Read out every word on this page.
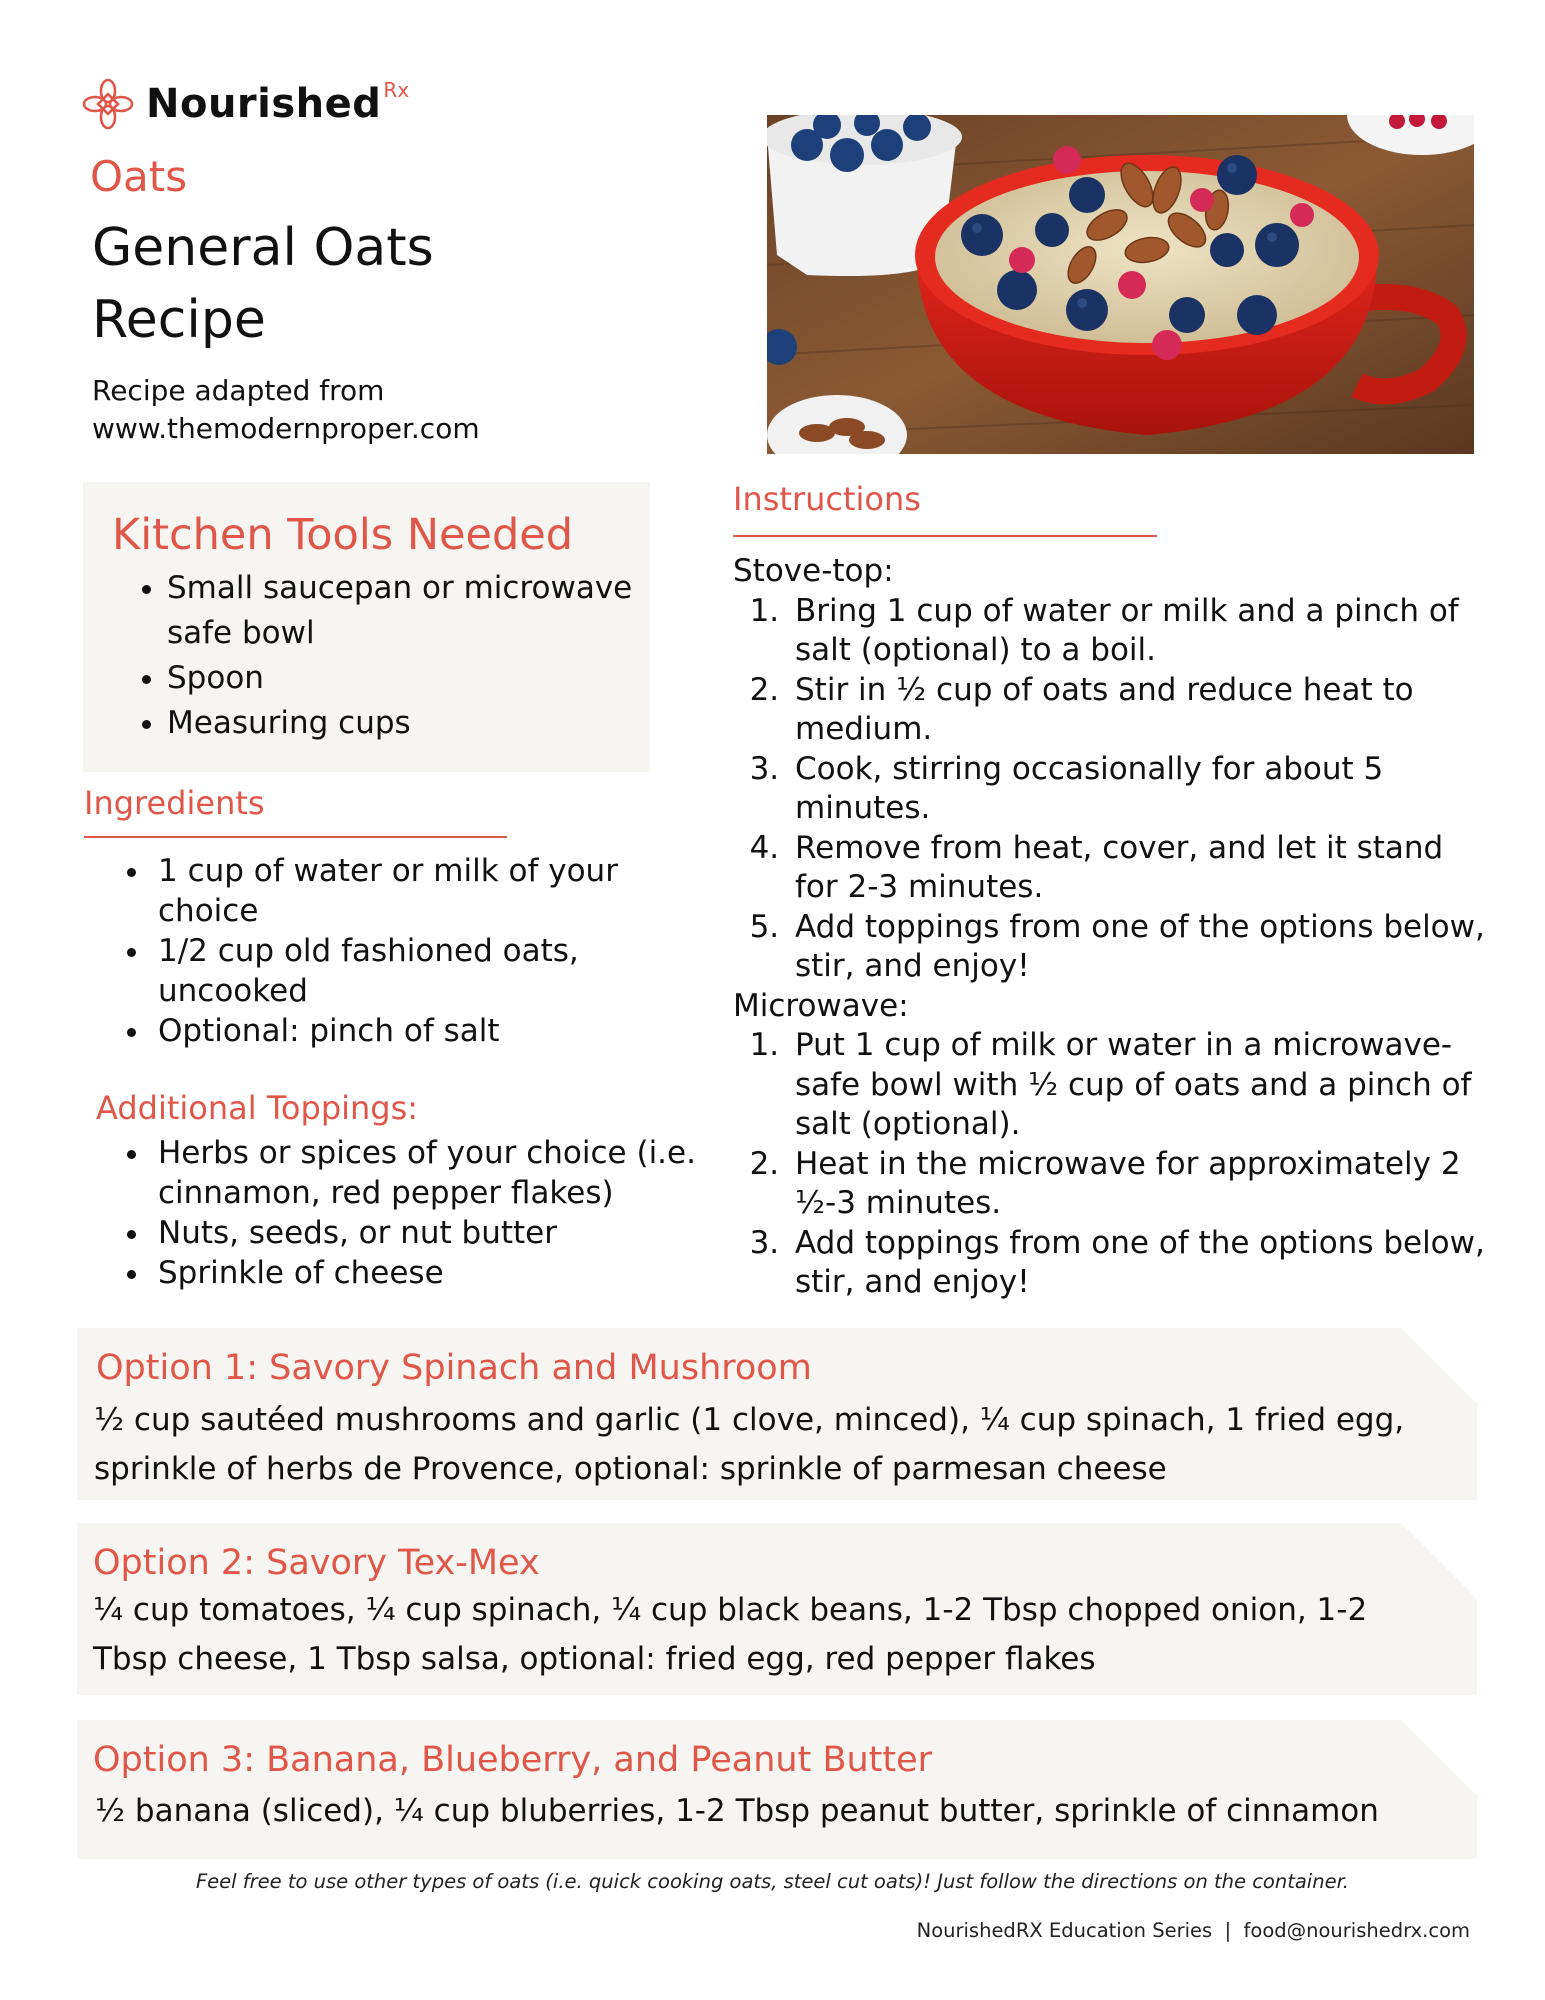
Nourished Rx
Oats
General Oats
Recipe
Recipe adapted from
www.themodernproper.com
Kitchen Tools Needed
• Small saucepan or microwave safe bowl
• Spoon
• Measuring cups
Ingredients
• 1 cup of water or milk of your choice
• 1/2 cup old fashioned oats, uncooked
• Optional: pinch of salt
Additional Toppings:
• Herbs or spices of your choice (i.e. cinnamon, red pepper flakes)
• Nuts, seeds, or nut butter
• Sprinkle of cheese
Instructions

Stove-top:

1. Bring 1 cup of water or milk and a pinch of salt (optional) to a boil.
2. Stir in ½ cup of oats and reduce heat to medium.
3. Cook, stirring occasionally for about 5 minutes.
4. Remove from heat, cover, and let it stand for 2-3 minutes.
5. Add toppings from one of the options below, stir, and enjoy!

Microwave:

1. Put 1 cup of milk or water in a microwave-safe bowl with ½ cup of oats and a pinch of salt (optional).
2. Heat in the microwave for approximately 2 ½-3 minutes.
3. Add toppings from one of the options below, stir, and enjoy!
Option 1: Savory Spinach and Mushroom

½ cup sautéed mushrooms and garlic (1 clove, minced), ¼ cup spinach, 1 fried egg, sprinkle of herbs de Provence, optional: sprinkle of parmesan cheese

Option 2: Savory Tex-Mex

¼ cup tomatoes, ¼ cup spinach, ¼ cup black beans, 1-2 Tbsp chopped onion, 1-2 Tbsp cheese, 1 Tbsp salsa, optional: fried egg, red pepper flakes

Option 3: Banana, Blueberry, and Peanut Butter

½ banana (sliced), ¼ cup bluberries, 1-2 Tbsp peanut butter, sprinkle of cinnamon

Feel free to use other types of oats (i.e. quick cooking oats, steel cut oats)! Just follow the directions on the container.
NourishedRX Education Series  |  food@nourishedrx.com
